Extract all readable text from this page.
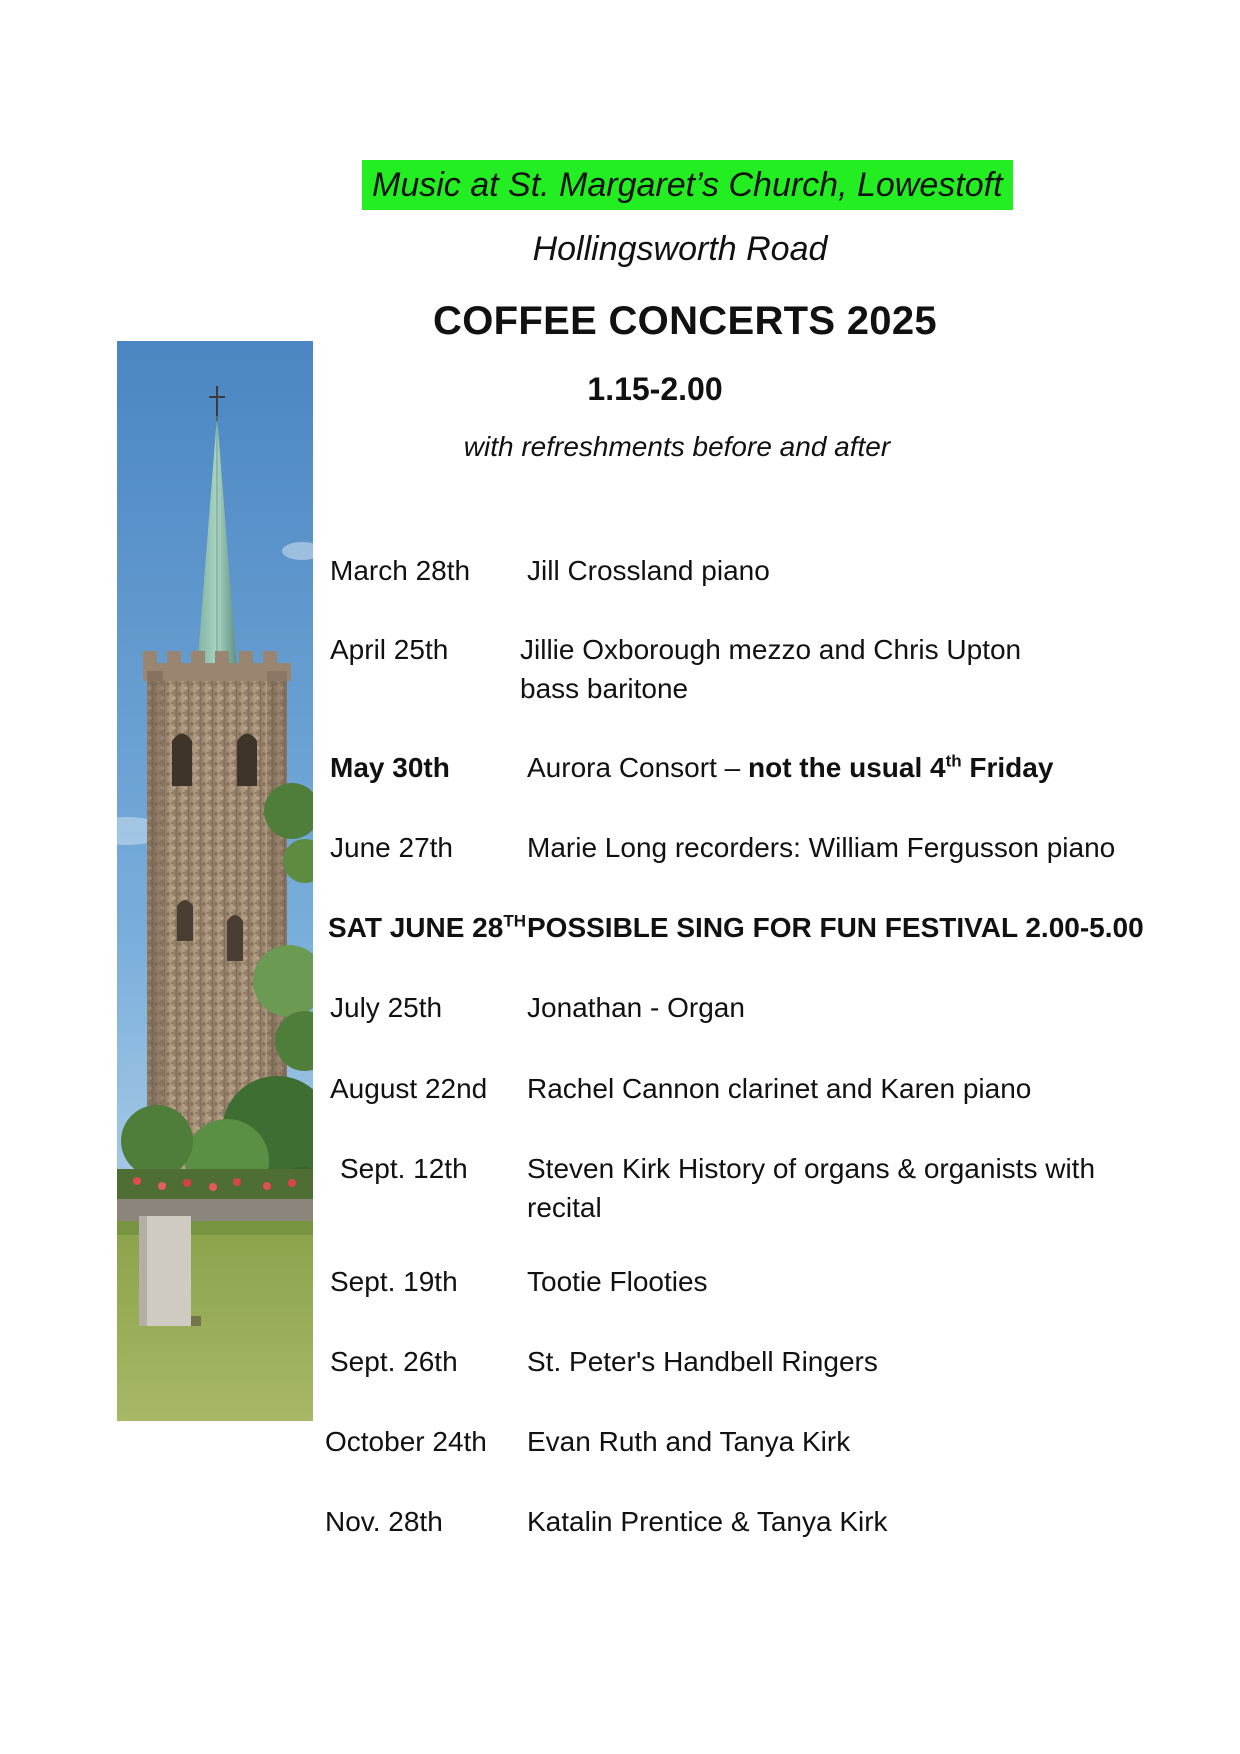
Music at St. Margaret’s Church, Lowestoft
Hollingsworth Road
COFFEE CONCERTS 2025
1.15-2.00
with refreshments before and after
March 28th Jill Crossland piano
April 25th	Jillie Oxborough mezzo and Chris Upton
bass baritone
May 30th	Aurora Consort – not the usual 4th Friday
June 27th	Marie Long recorders: William Fergusson piano
SAT JUNE 28TH POSSIBLE SING FOR FUN FESTIVAL 2.00-5.00
July 25th	Jonathan - Organ
August 22nd Rachel Cannon clarinet and Karen piano
Sept. 12th Steven Kirk History of organs & organists with
recital
Sept. 19th Tootie Flooties
Sept. 26th St. Peter's Handbell Ringers
October 24th Evan Ruth and Tanya Kirk
Nov. 28th	Katalin Prentice & Tanya Kirk
